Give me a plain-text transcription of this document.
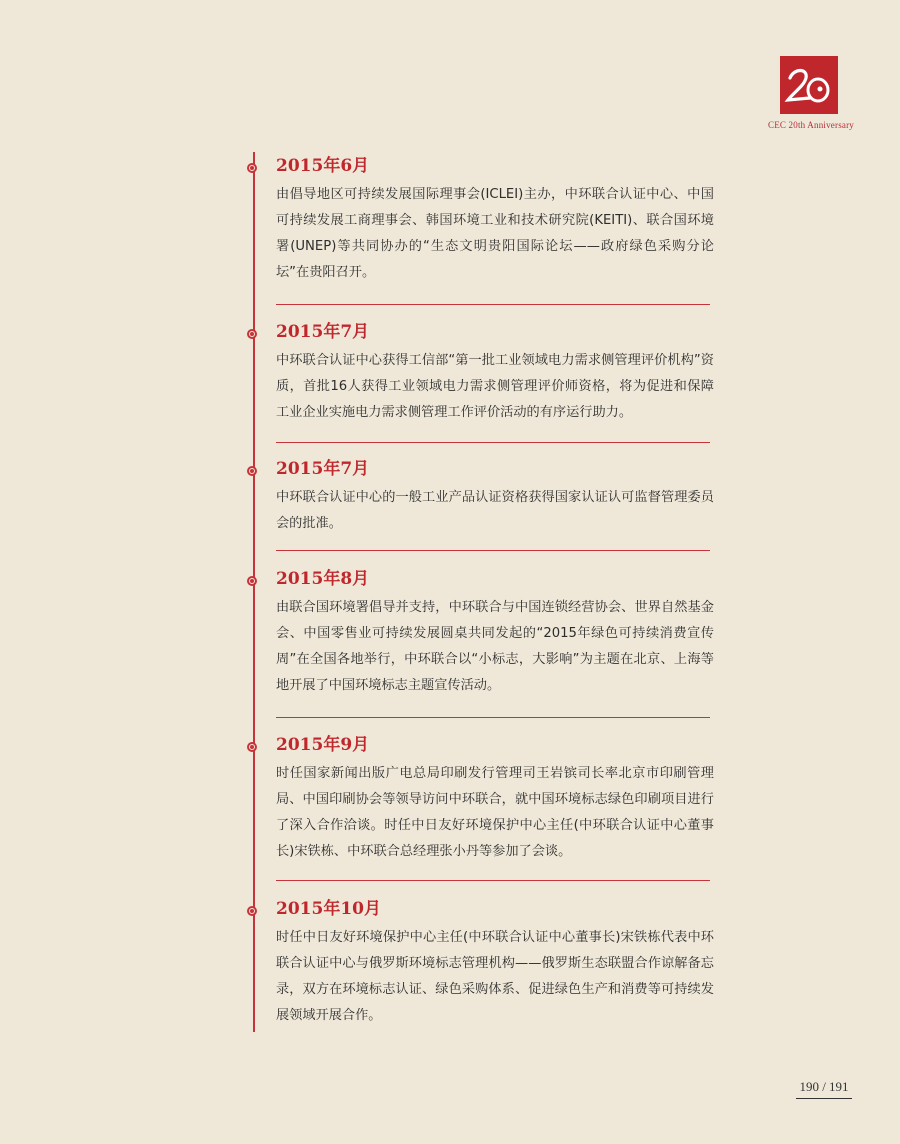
CEC 20th Anniversary
2015年6月

由倡导地区可持续发展国际理事会(ICLEI)主办，中环联合认证中心、中国可持续发展工商理事会、韩国环境工业和技术研究院(KEITI)、联合国环境署(UNEP)等共同协办的“生态文明贵阳国际论坛——政府绿色采购分论坛”在贵阳召开。

2015年7月

中环联合认证中心获得工信部“第一批工业领域电力需求侧管理评价机构”资质，首批16人获得工业领域电力需求侧管理评价师资格，将为促进和保障工业企业实施电力需求侧管理工作评价活动的有序运行助力。

2015年7月

中环联合认证中心的一般工业产品认证资格获得国家认证认可监督管理委员会的批准。

2015年8月

由联合国环境署倡导并支持，中环联合与中国连锁经营协会、世界自然基金会、中国零售业可持续发展圆桌共同发起的“2015年绿色可持续消费宣传周”在全国各地举行，中环联合以“小标志，大影响”为主题在北京、上海等地开展了中国环境标志主题宣传活动。

2015年9月

时任国家新闻出版广电总局印刷发行管理司王岩镔司长率北京市印刷管理局、中国印刷协会等领导访问中环联合，就中国环境标志绿色印刷项目进行了深入合作洽谈。时任中日友好环境保护中心主任(中环联合认证中心董事长)宋铁栋、中环联合总经理张小丹等参加了会谈。

2015年10月

时任中日友好环境保护中心主任(中环联合认证中心董事长)宋铁栋代表中环联合认证中心与俄罗斯环境标志管理机构——俄罗斯生态联盟合作谅解备忘录，双方在环境标志认证、绿色采购体系、促进绿色生产和消费等可持续发展领域开展合作。

190 / 191
